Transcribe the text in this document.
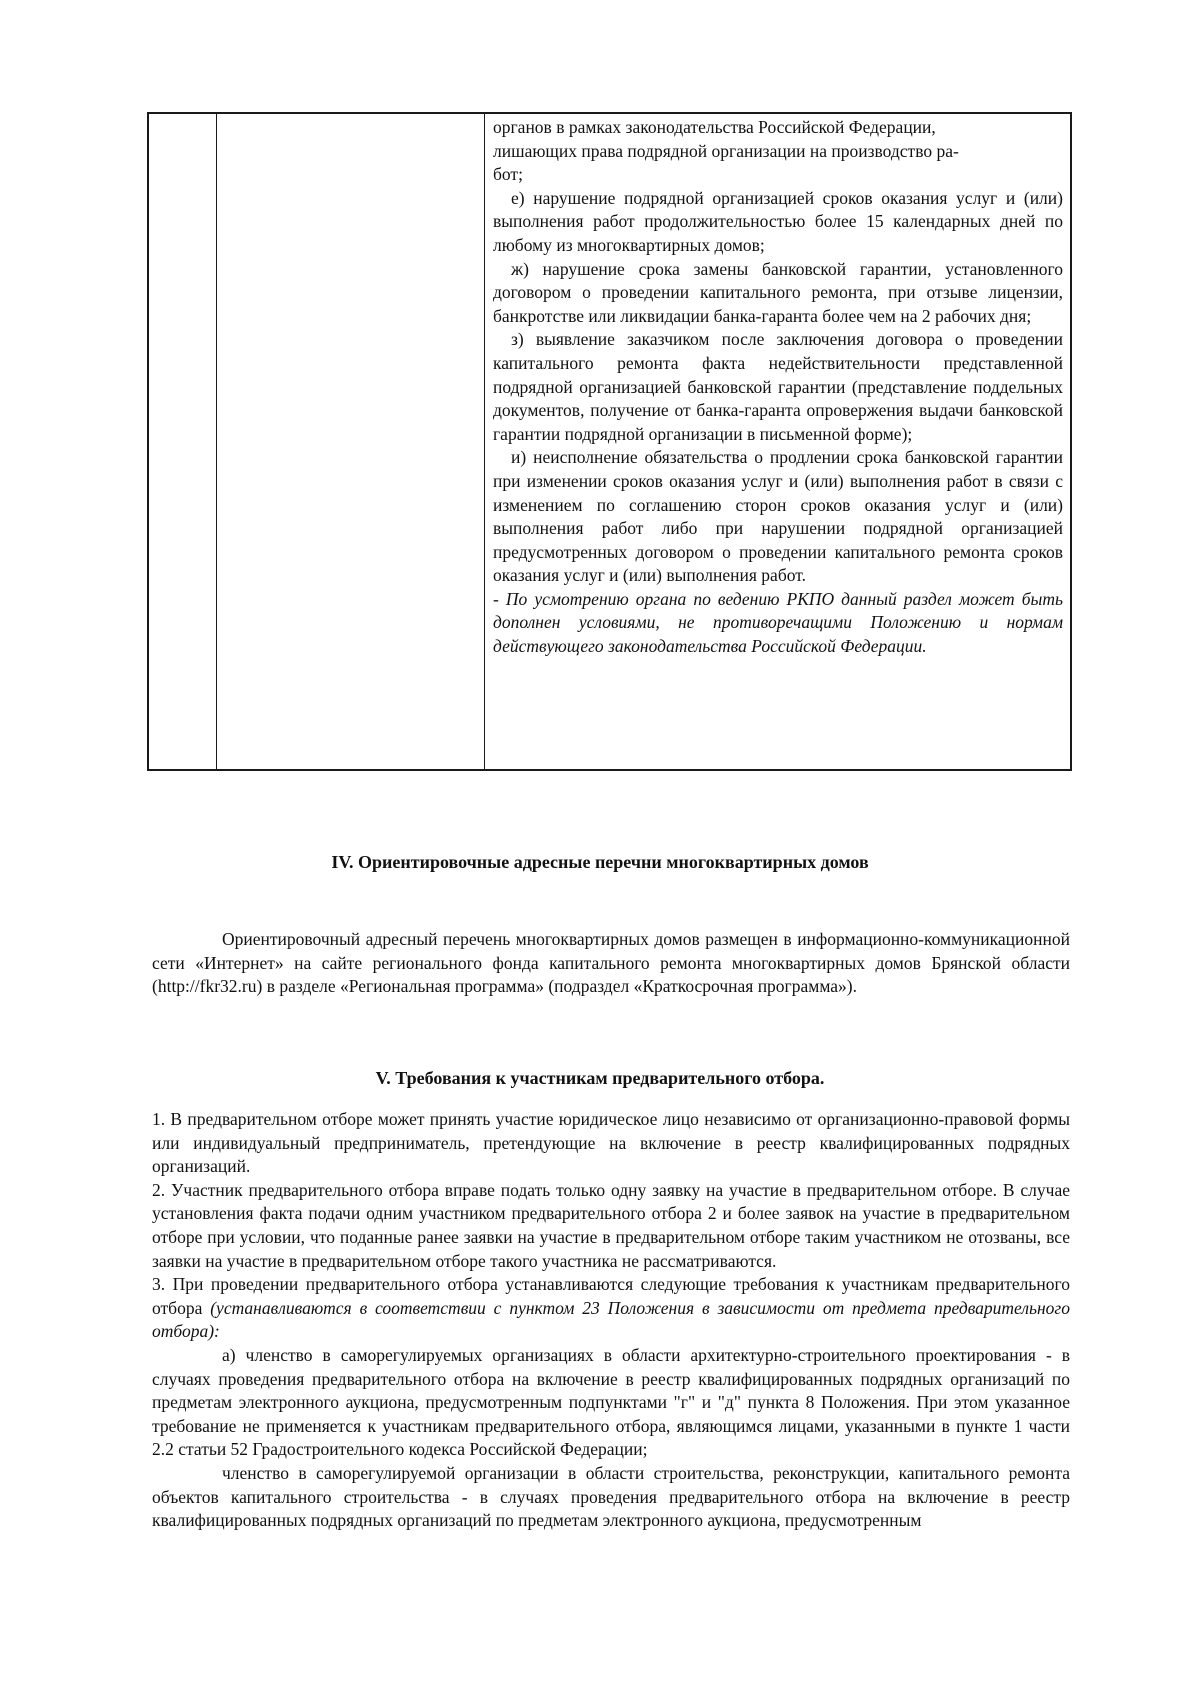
органов в рамках законодательства Российской Федерации,

лишающих права подрядной организации на производство ра-

бот;

е) нарушение подрядной организацией сроков оказания услуг и (или) выполнения работ продолжительностью более 15 календарных дней по любому из многоквартирных домов;

ж) нарушение срока замены банковской гарантии, установленного договором о проведении капитального ремонта, при отзыве лицензии, банкротстве или ликвидации банка-гаранта более чем на 2 рабочих дня;

з) выявление заказчиком после заключения договора о проведении капитального ремонта факта недействительности представленной подрядной организацией банковской гарантии (представление поддельных документов, получение от банка-гаранта опровержения выдачи банковской гарантии подрядной организации в письменной форме);

и) неисполнение обязательства о продлении срока банковской гарантии при изменении сроков оказания услуг и (или) выполнения работ в связи с изменением по соглашению сторон сроков оказания услуг и (или) выполнения работ либо при нарушении подрядной организацией предусмотренных договором о проведении капитального ремонта сроков оказания услуг и (или) выполнения работ.

- По усмотрению органа по ведению РКПО данный раздел может быть дополнен условиями, не противоречащими Положению и нормам действующего законодательства Российской Федерации.

IV. Ориентировочные адресные перечни многоквартирных домов

Ориентировочный адресный перечень многоквартирных домов размещен в информационно-коммуникационной сети «Интернет» на сайте регионального фонда капитального ремонта многоквартирных домов Брянской области (http://fkr32.ru) в разделе «Региональная программа» (подраздел «Краткосрочная программа»).

V. Требования к участникам предварительного отбора.

1. В предварительном отборе может принять участие юридическое лицо независимо от организационно-правовой формы или индивидуальный предприниматель, претендующие на включение в реестр квалифицированных подрядных организаций.

2. Участник предварительного отбора вправе подать только одну заявку на участие в предварительном отборе. В случае установления факта подачи одним участником предварительного отбора 2 и более заявок на участие в предварительном отборе при условии, что поданные ранее заявки на участие в предварительном отборе таким участником не отозваны, все заявки на участие в предварительном отборе такого участника не рассматриваются.

3. При проведении предварительного отбора устанавливаются следующие требования к участникам предварительного отбора (устанавливаются в соответствии с пунктом 23 Положения в зависимости от предмета предварительного отбора):

а) членство в саморегулируемых организациях в области архитектурно-строительного проектирования - в случаях проведения предварительного отбора на включение в реестр квалифицированных подрядных организаций по предметам электронного аукциона, предусмотренным подпунктами "г" и "д" пункта 8 Положения. При этом указанное требование не применяется к участникам предварительного отбора, являющимся лицами, указанными в пункте 1 части 2.2 статьи 52 Градостроительного кодекса Российской Федерации;

членство в саморегулируемой организации в области строительства, реконструкции, капитального ремонта объектов капитального строительства - в случаях проведения предварительного отбора на включение в реестр квалифицированных подрядных организаций по предметам электронного аукциона, предусмотренным
